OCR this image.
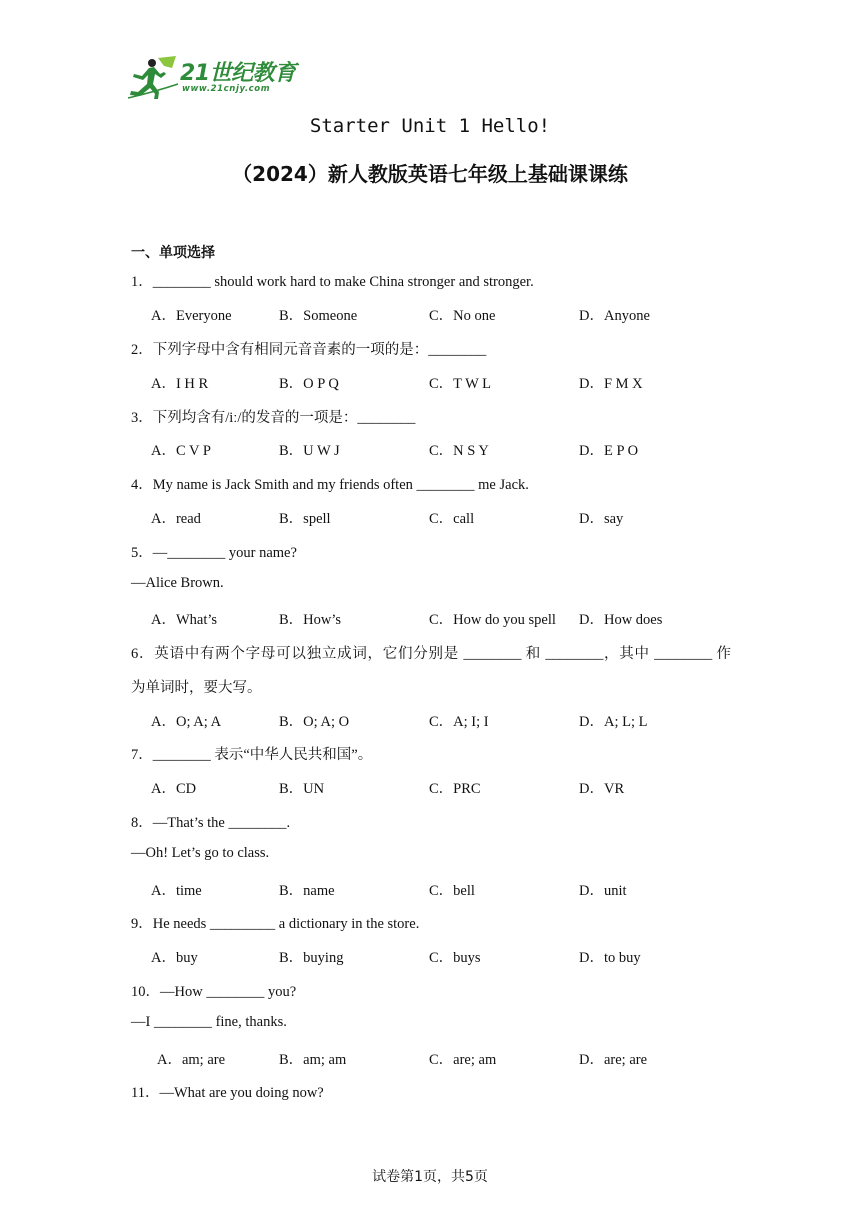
21世纪教育
www.21cnjy.com
Starter Unit 1 Hello!
（2024）新人教版英语七年级上基础课课练
一、单项选择
1．________ should work hard to make China stronger and stronger.
A．Everyone	B．Someone	C．No one	D．Anyone
2．下列字母中含有相同元音音素的一项的是：________
A．I H R	B．O P Q	C．T W L	D．F M X
3．下列均含有/iː/的发音的一项是：________
A．C V P	B．U W J	C．N S Y	D．E P O
4．My name is Jack Smith and my friends often ________ me Jack.
A．read	B．spell	C．call	D．say
5．—________ your name?
—Alice Brown.
A．What’s	B．How’s	C．How do you spell D．How does
6．英语中有两个字母可以独立成词，它们分别是 ________ 和 ________，其中 ________ 作
为单词时，要大写。
A．O; A; A	B．O; A; O	C．A; I; I	D．A; L; L
7．________ 表示“中华人民共和国”。
A．CD	B．UN	C．PRC	D．VR
8．—That’s the ________.
—Oh! Let’s go to class.
A．time	B．name	C．bell	D．unit
9．He needs _________ a dictionary in the store.
A．buy	B．buying	C．buys	D．to buy
10．—How ________ you?
—I ________ fine, thanks.
A．am; are	B．am; am	C．are; am	D．are; are
11．—What are you doing now?
试卷第1页，共5页
